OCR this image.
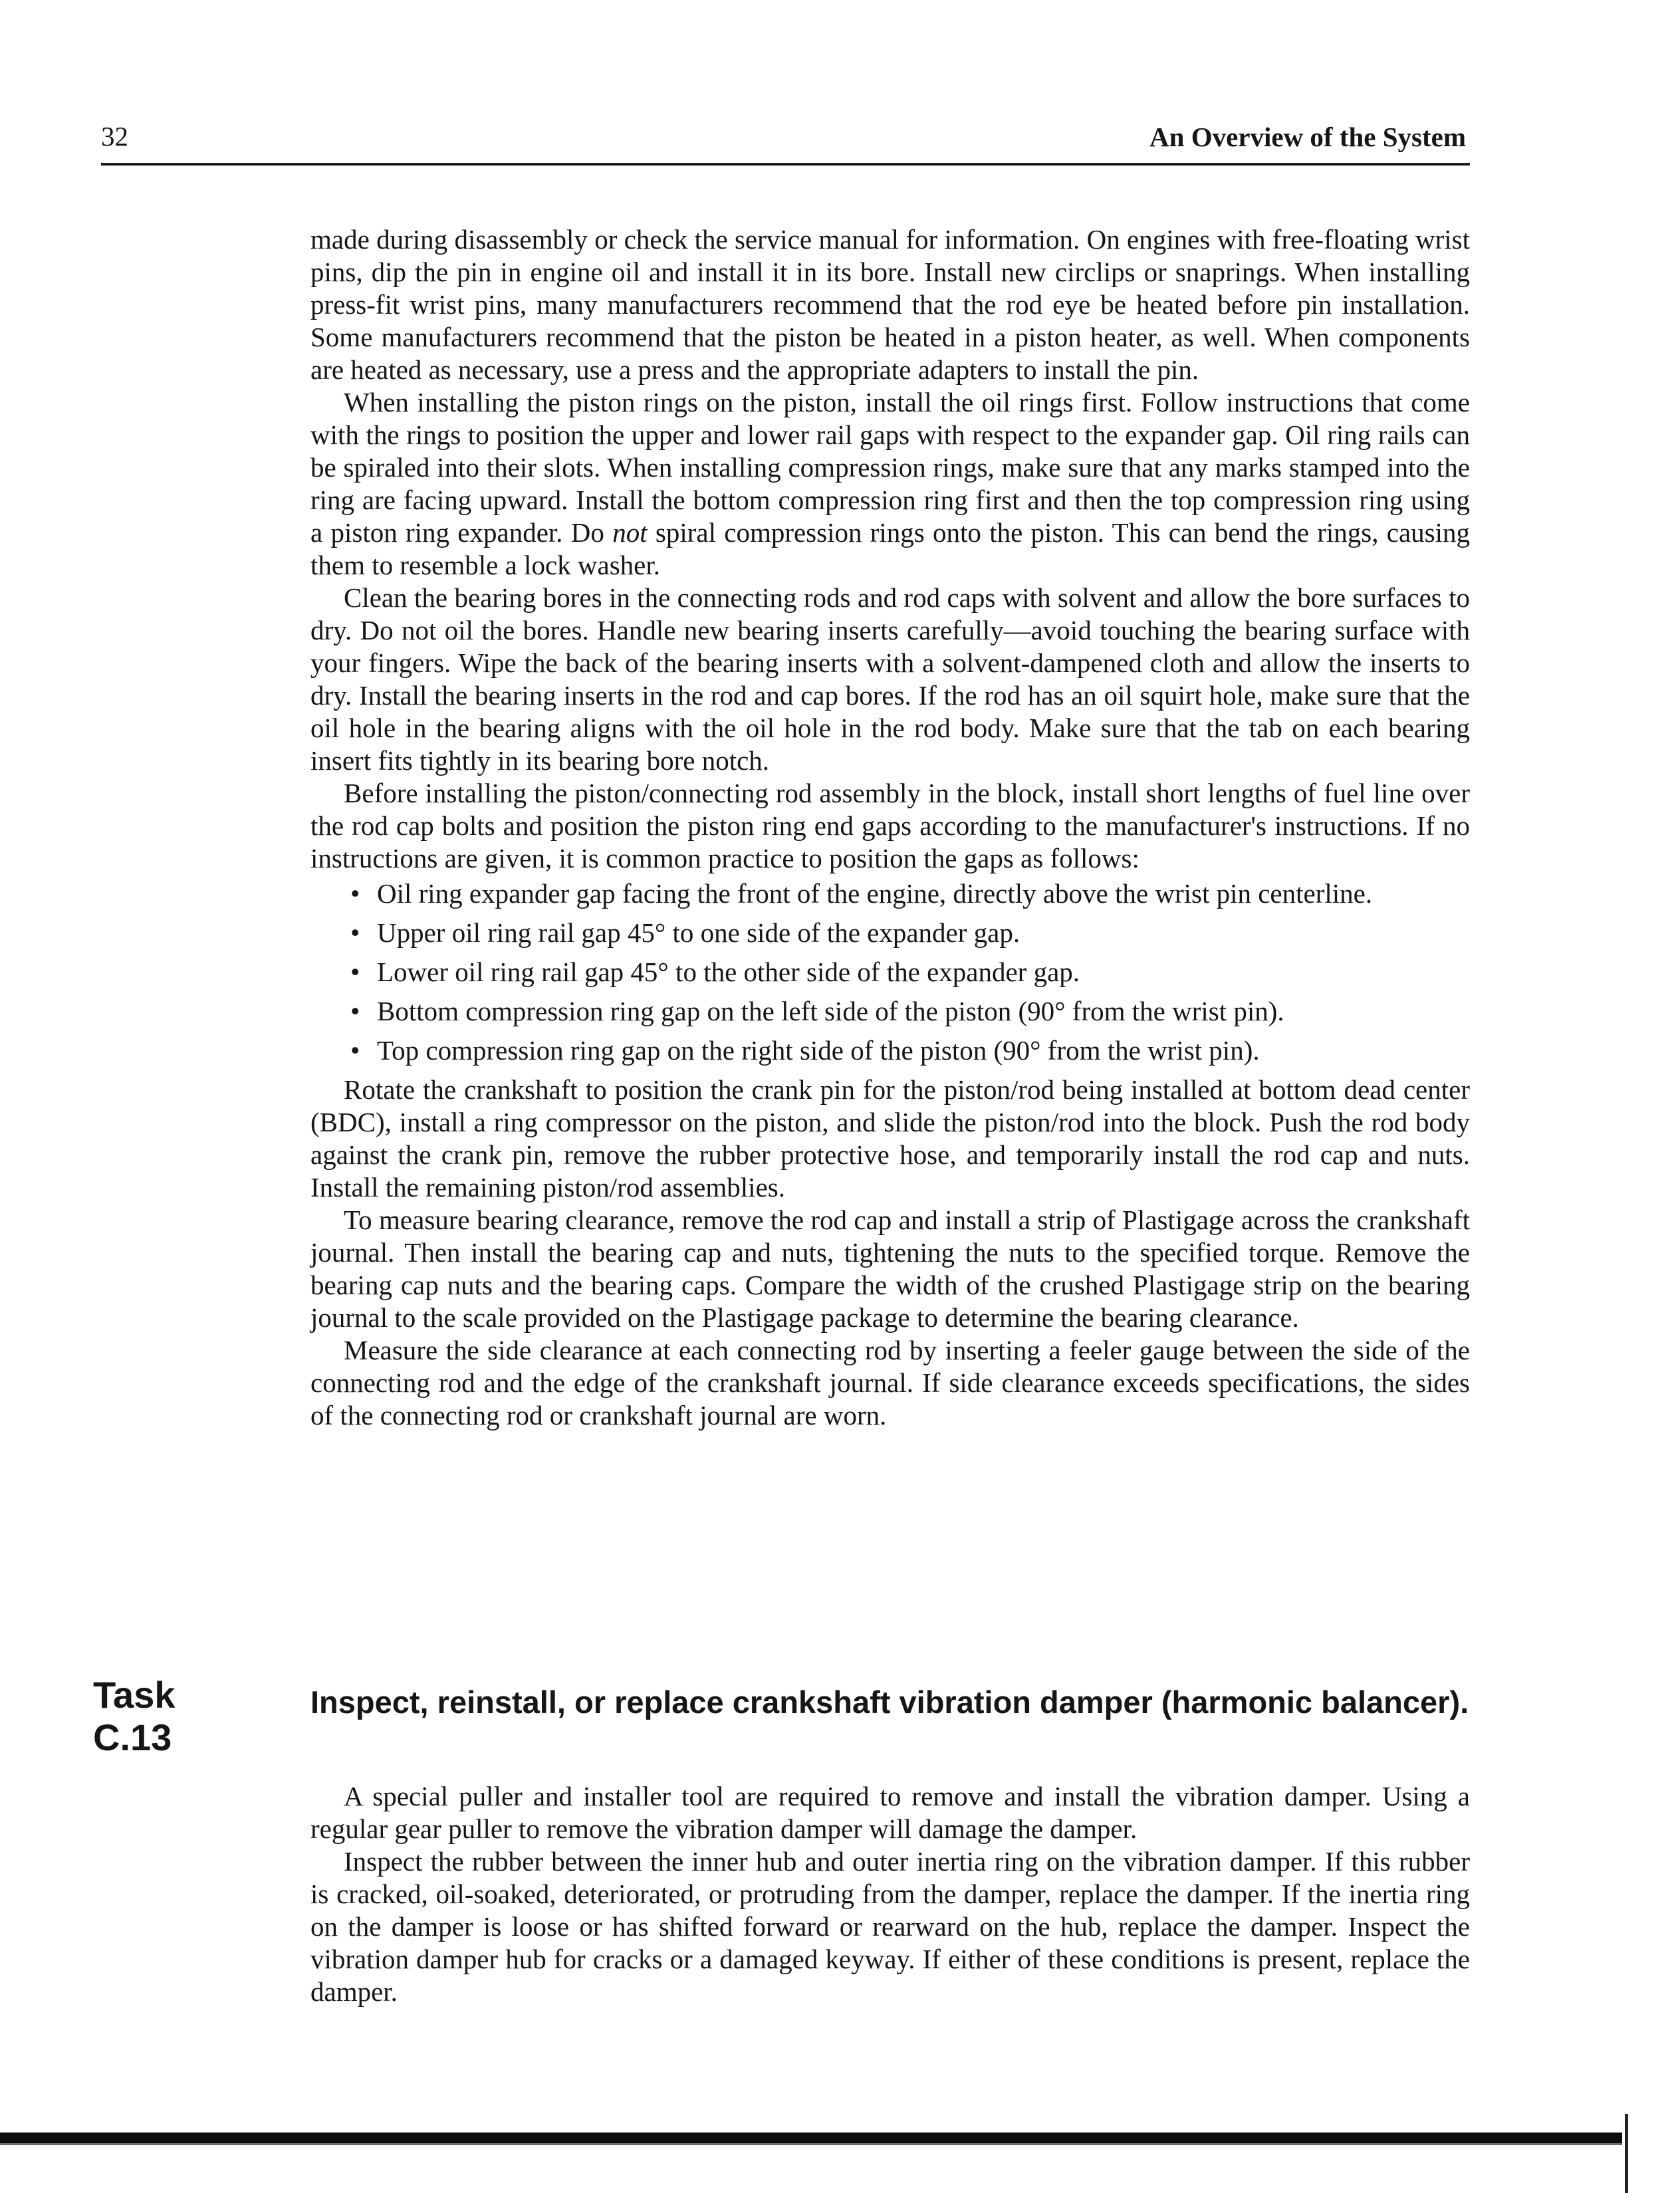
32	An Overview of the System

made during disassembly or check the service manual for information. On engines with free-floating wrist pins, dip the pin in engine oil and install it in its bore. Install new circlips or snaprings. When installing press-fit wrist pins, many manufacturers recommend that the rod eye be heated before pin installation. Some manufacturers recommend that the piston be heated in a piston heater, as well. When components are heated as necessary, use a press and the appropriate adapters to install the pin.

When installing the piston rings on the piston, install the oil rings first. Follow instructions that come with the rings to position the upper and lower rail gaps with respect to the expander gap. Oil ring rails can be spiraled into their slots. When installing compression rings, make sure that any marks stamped into the ring are facing upward. Install the bottom compression ring first and then the top compression ring using a piston ring expander. Do not spiral compression rings onto the piston. This can bend the rings, causing them to resemble a lock washer.

Clean the bearing bores in the connecting rods and rod caps with solvent and allow the bore surfaces to dry. Do not oil the bores. Handle new bearing inserts carefully—avoid touching the bearing surface with your fingers. Wipe the back of the bearing inserts with a solvent-dampened cloth and allow the inserts to dry. Install the bearing inserts in the rod and cap bores. If the rod has an oil squirt hole, make sure that the oil hole in the bearing aligns with the oil hole in the rod body. Make sure that the tab on each bearing insert fits tightly in its bearing bore notch.

Before installing the piston/connecting rod assembly in the block, install short lengths of fuel line over the rod cap bolts and position the piston ring end gaps according to the manufacturer's instructions. If no instructions are given, it is common practice to position the gaps as follows:

• Oil ring expander gap facing the front of the engine, directly above the wrist pin centerline.
• Upper oil ring rail gap 45° to one side of the expander gap.
• Lower oil ring rail gap 45° to the other side of the expander gap.
• Bottom compression ring gap on the left side of the piston (90° from the wrist pin).
• Top compression ring gap on the right side of the piston (90° from the wrist pin).

Rotate the crankshaft to position the crank pin for the piston/rod being installed at bottom dead center (BDC), install a ring compressor on the piston, and slide the piston/rod into the block. Push the rod body against the crank pin, remove the rubber protective hose, and temporarily install the rod cap and nuts. Install the remaining piston/rod assemblies.

To measure bearing clearance, remove the rod cap and install a strip of Plastigage across the crankshaft journal. Then install the bearing cap and nuts, tightening the nuts to the specified torque. Remove the bearing cap nuts and the bearing caps. Compare the width of the crushed Plastigage strip on the bearing journal to the scale provided on the Plastigage package to determine the bearing clearance.

Measure the side clearance at each connecting rod by inserting a feeler gauge between the side of the connecting rod and the edge of the crankshaft journal. If side clearance exceeds specifications, the sides of the connecting rod or crankshaft journal are worn.

Task
C.13
Inspect, reinstall, or replace crankshaft vibration damper (harmonic balancer).

A special puller and installer tool are required to remove and install the vibration damper. Using a regular gear puller to remove the vibration damper will damage the damper.

Inspect the rubber between the inner hub and outer inertia ring on the vibration damper. If this rubber is cracked, oil-soaked, deteriorated, or protruding from the damper, replace the damper. If the inertia ring on the damper is loose or has shifted forward or rearward on the hub, replace the damper. Inspect the vibration damper hub for cracks or a damaged keyway. If either of these conditions is present, replace the damper.
